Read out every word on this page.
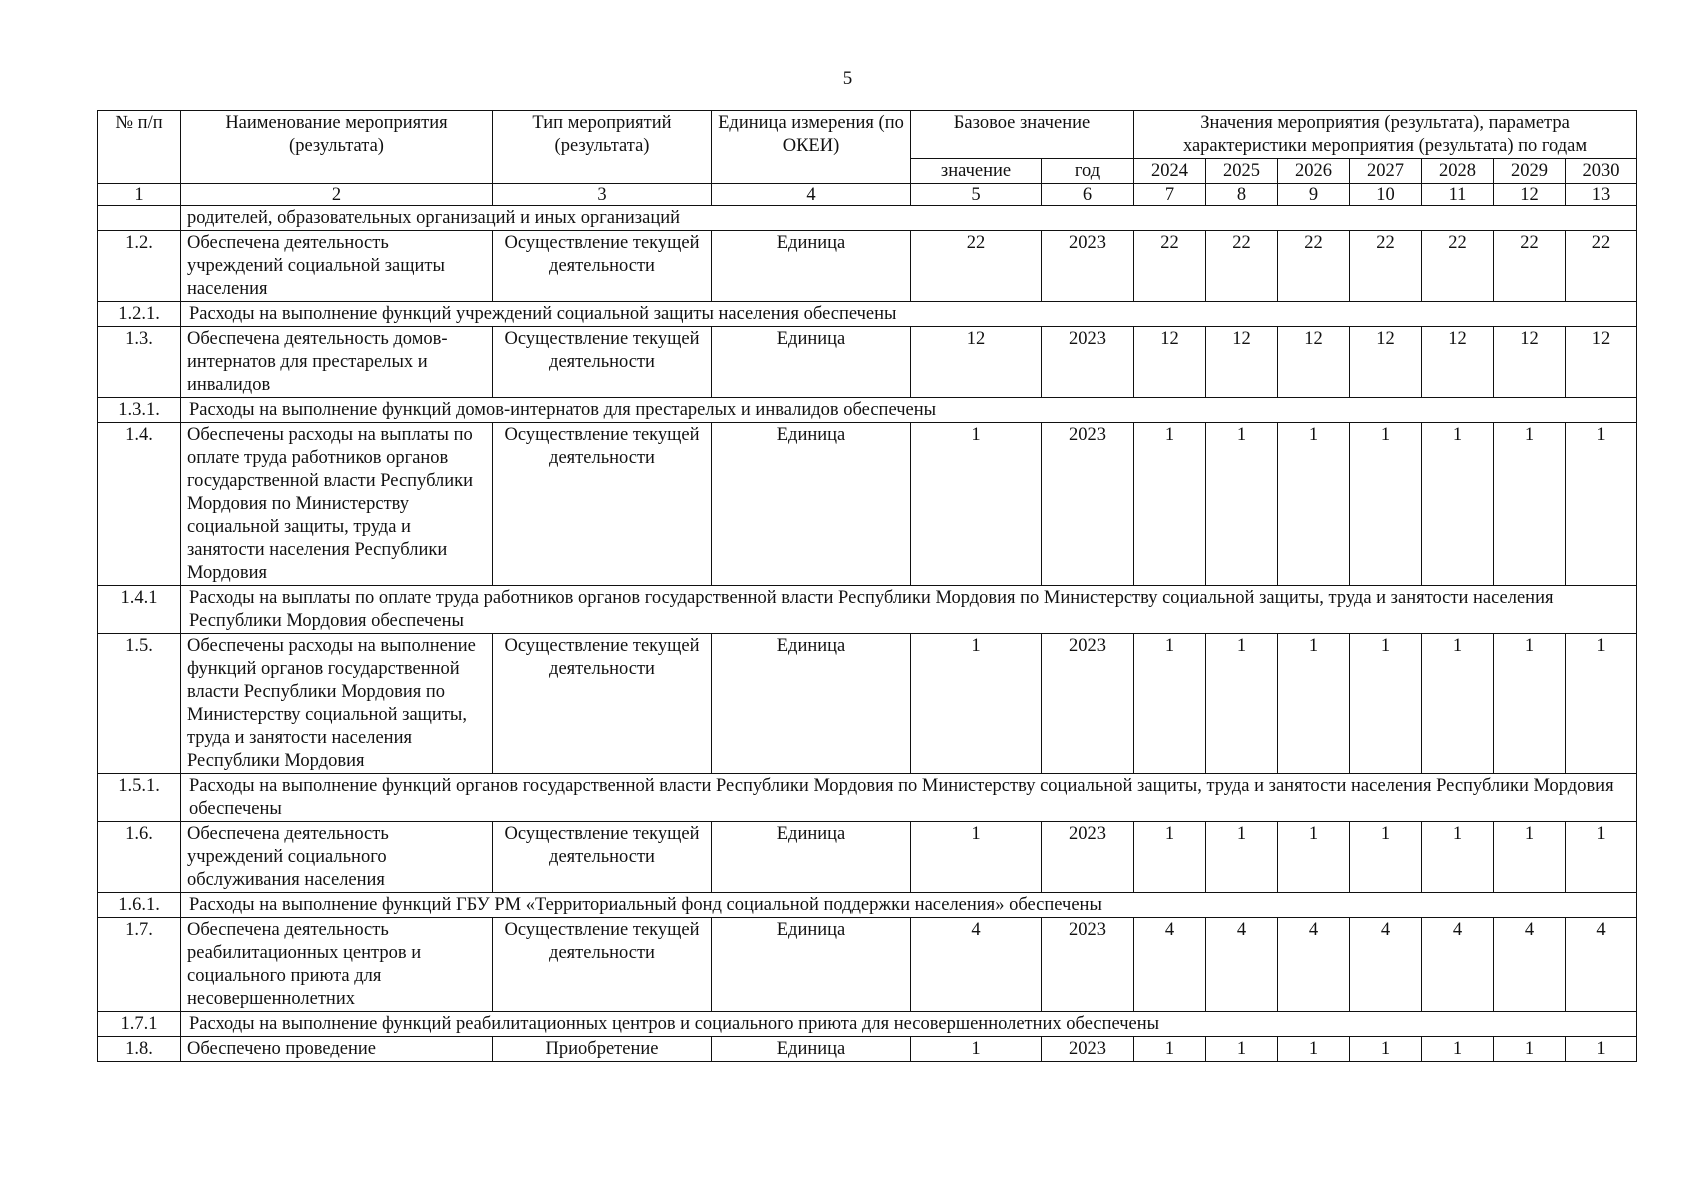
5
№ п/п	Наименование мероприятия (результата)	Тип мероприятий (результата)	Единица измерения (по ОКЕИ)	Базовое значение		Значения мероприятия (результата), параметра характеристики мероприятия (результата) по годам						
				значение	год	2024	2025	2026	2027	2028	2029	2030
1	2	3	4	5	6	7	8	9	10	11	12	13
	родителей, образовательных организаций и иных организаций											
1.2.	Обеспечена деятельность учреждений социальной защиты населения	Осуществление текущей деятельности	Единица	22	2023	22	22	22	22	22	22	22
1.2.1.	Расходы на выполнение функций учреждений социальной защиты населения обеспечены											
1.3.	Обеспечена деятельность домов-интернатов для престарелых и инвалидов	Осуществление текущей деятельности	Единица	12	2023	12	12	12	12	12	12	12
1.3.1.	Расходы на выполнение функций домов-интернатов для престарелых и инвалидов обеспечены											
1.4.	Обеспечены расходы на выплаты по оплате труда работников органов государственной власти Республики Мордовия по Министерству социальной защиты, труда и занятости населения Республики Мордовия	Осуществление текущей деятельности	Единица	1	2023	1	1	1	1	1	1	1
1.4.1	Расходы на выплаты по оплате труда работников органов государственной власти Республики Мордовия по Министерству социальной защиты, труда и занятости населения Республики Мордовия обеспечены											
1.5.	Обеспечены расходы на выполнение функций органов государственной власти Республики Мордовия по Министерству социальной защиты, труда и занятости населения Республики Мордовия	Осуществление текущей деятельности	Единица	1	2023	1	1	1	1	1	1	1
1.5.1.	Расходы на выполнение функций органов государственной власти Республики Мордовия по Министерству социальной защиты, труда и занятости населения Республики Мордовия обеспечены											
1.6.	Обеспечена деятельность учреждений социального обслуживания населения	Осуществление текущей деятельности	Единица	1	2023	1	1	1	1	1	1	1
1.6.1.	Расходы на выполнение функций ГБУ РМ «Территориальный фонд социальной поддержки населения» обеспечены											
1.7.	Обеспечена деятельность реабилитационных центров и социального приюта для несовершеннолетних	Осуществление текущей деятельности	Единица	4	2023	4	4	4	4	4	4	4
1.7.1	Расходы на выполнение функций реабилитационных центров и социального приюта для несовершеннолетних обеспечены											
1.8.	Обеспечено проведение	Приобретение	Единица	1	2023	1	1	1	1	1	1	1
